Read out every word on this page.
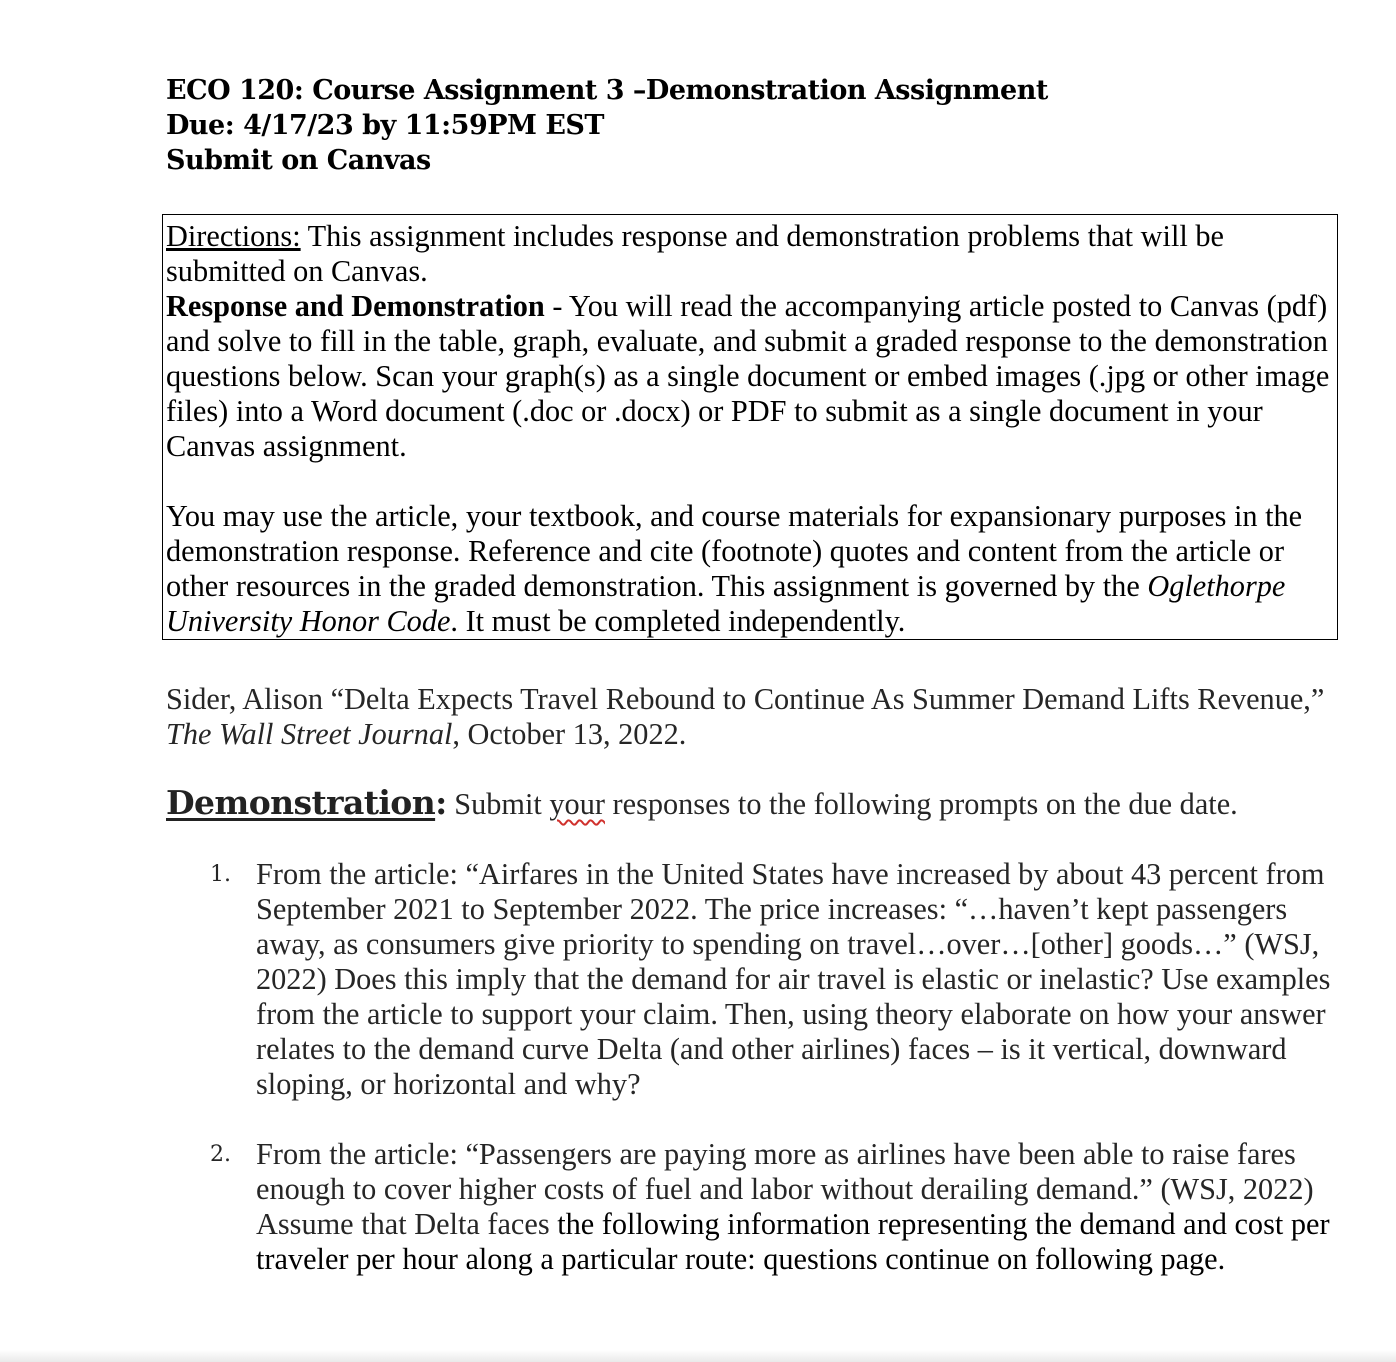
ECO 120: Course Assignment 3 –Demonstration Assignment
Due: 4/17/23 by 11:59PM EST
Submit on Canvas

Directions: This assignment includes response and demonstration problems that will be submitted on Canvas.
Response and Demonstration - You will read the accompanying article posted to Canvas (pdf) and solve to fill in the table, graph, evaluate, and submit a graded response to the demonstration questions below. Scan your graph(s) as a single document or embed images (.jpg or other image files) into a Word document (.doc or .docx) or PDF to submit as a single document in your Canvas assignment.

You may use the article, your textbook, and course materials for expansionary purposes in the demonstration response. Reference and cite (footnote) quotes and content from the article or other resources in the graded demonstration. This assignment is governed by the Oglethorpe University Honor Code. It must be completed independently.

Sider, Alison “Delta Expects Travel Rebound to Continue As Summer Demand Lifts Revenue,” The Wall Street Journal, October 13, 2022.
Demonstration: Submit your responses to the following prompts on the due date.
1. From the article: “Airfares in the United States have increased by about 43 percent from September 2021 to September 2022. The price increases: “…haven’t kept passengers away, as consumers give priority to spending on travel…over…[other] goods…” (WSJ, 2022) Does this imply that the demand for air travel is elastic or inelastic? Use examples from the article to support your claim. Then, using theory elaborate on how your answer relates to the demand curve Delta (and other airlines) faces – is it vertical, downward sloping, or horizontal and why?
2. From the article: “Passengers are paying more as airlines have been able to raise fares enough to cover higher costs of fuel and labor without derailing demand.” (WSJ, 2022) Assume that Delta faces the following information representing the demand and cost per traveler per hour along a particular route: questions continue on following page.
